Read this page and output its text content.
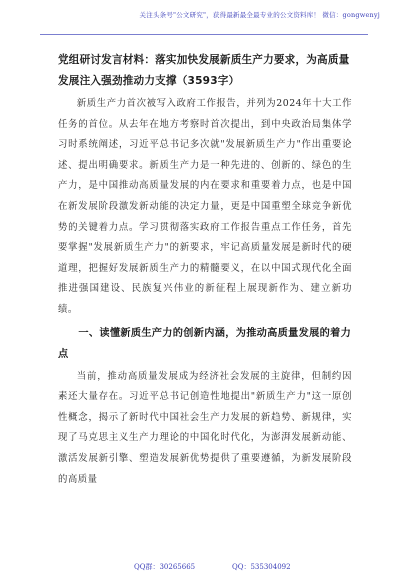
关注头条号"公文研究"，获得最新最全最专业的公文资料库！ 微信：gongwenyj
党组研讨发言材料：落实加快发展新质生产力要求，为高质量发展注入强劲推动力支撑（3593字）

新质生产力首次被写入政府工作报告，并列为2024年十大工作任务的首位。从去年在地方考察时首次提出，到中央政治局集体学习时系统阐述，习近平总书记多次就"发展新质生产力"作出重要论述、提出明确要求。新质生产力是一种先进的、创新的、绿色的生产力，是中国推动高质量发展的内在要求和重要着力点，也是中国在新发展阶段激发新动能的决定力量，更是中国重塑全球竞争新优势的关键着力点。学习贯彻落实政府工作报告重点工作任务，首先要掌握"发展新质生产力"的新要求，牢记高质量发展是新时代的硬道理，把握好发展新质生产力的精髓要义，在以中国式现代化全面推进强国建设、民族复兴伟业的新征程上展现新作为、建立新功绩。

一、读懂新质生产力的创新内涵，为推动高质量发展的着力点

当前，推动高质量发展成为经济社会发展的主旋律，但制约因素还大量存在。习近平总书记创造性地提出"新质生产力"这一原创性概念，揭示了新时代中国社会生产力发展的新趋势、新规律，实现了马克思主义生产力理论的中国化时代化，为澎湃发展新动能、激活发展新引擎、塑造发展新优势提供了重要遵循，为新发展阶段的高质量

QQ群：30265665	QQ：535304092
